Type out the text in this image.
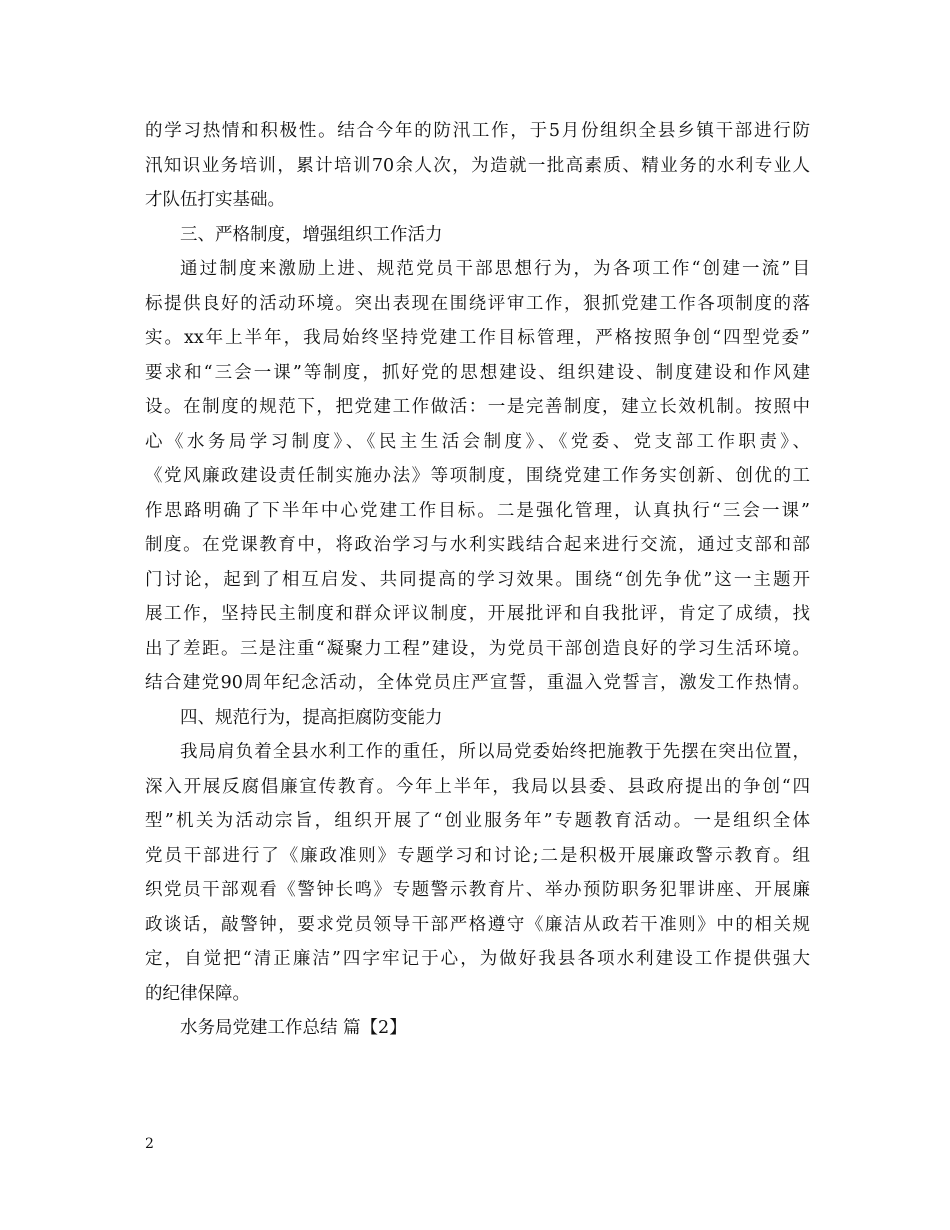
的学习热情和积极性。结合今年的防汛工作，于5月份组织全县乡镇干部进行防
汛知识业务培训，累计培训70余人次，为造就一批高素质、精业务的水利专业人
才队伍打实基础。
三、严格制度，增强组织工作活力
通过制度来激励上进、规范党员干部思想行为，为各项工作“创建一流”目
标提供良好的活动环境。突出表现在围绕评审工作，狠抓党建工作各项制度的落
实。xx年上半年，我局始终坚持党建工作目标管理，严格按照争创“四型党委”
要求和“三会一课”等制度，抓好党的思想建设、组织建设、制度建设和作风建
设。在制度的规范下，把党建工作做活：一是完善制度，建立长效机制。按照中
心《水务局学习制度》、《民主生活会制度》、《党委、党支部工作职责》、
《党风廉政建设责任制实施办法》等项制度，围绕党建工作务实创新、创优的工
作思路明确了下半年中心党建工作目标。二是强化管理，认真执行“三会一课”
制度。在党课教育中，将政治学习与水利实践结合起来进行交流，通过支部和部
门讨论，起到了相互启发、共同提高的学习效果。围绕“创先争优”这一主题开
展工作，坚持民主制度和群众评议制度，开展批评和自我批评，肯定了成绩，找
出了差距。三是注重“凝聚力工程”建设，为党员干部创造良好的学习生活环境。
结合建党90周年纪念活动，全体党员庄严宣誓，重温入党誓言，激发工作热情。
四、规范行为，提高拒腐防变能力
我局肩负着全县水利工作的重任，所以局党委始终把施教于先摆在突出位置，
深入开展反腐倡廉宣传教育。今年上半年，我局以县委、县政府提出的争创“四
型”机关为活动宗旨，组织开展了“创业服务年”专题教育活动。一是组织全体
党员干部进行了《廉政准则》专题学习和讨论;二是积极开展廉政警示教育。组
织党员干部观看《警钟长鸣》专题警示教育片、举办预防职务犯罪讲座、开展廉
政谈话，敲警钟，要求党员领导干部严格遵守《廉洁从政若干准则》中的相关规
定，自觉把“清正廉洁”四字牢记于心，为做好我县各项水利建设工作提供强大
的纪律保障。
水务局党建工作总结 篇【2】
2
